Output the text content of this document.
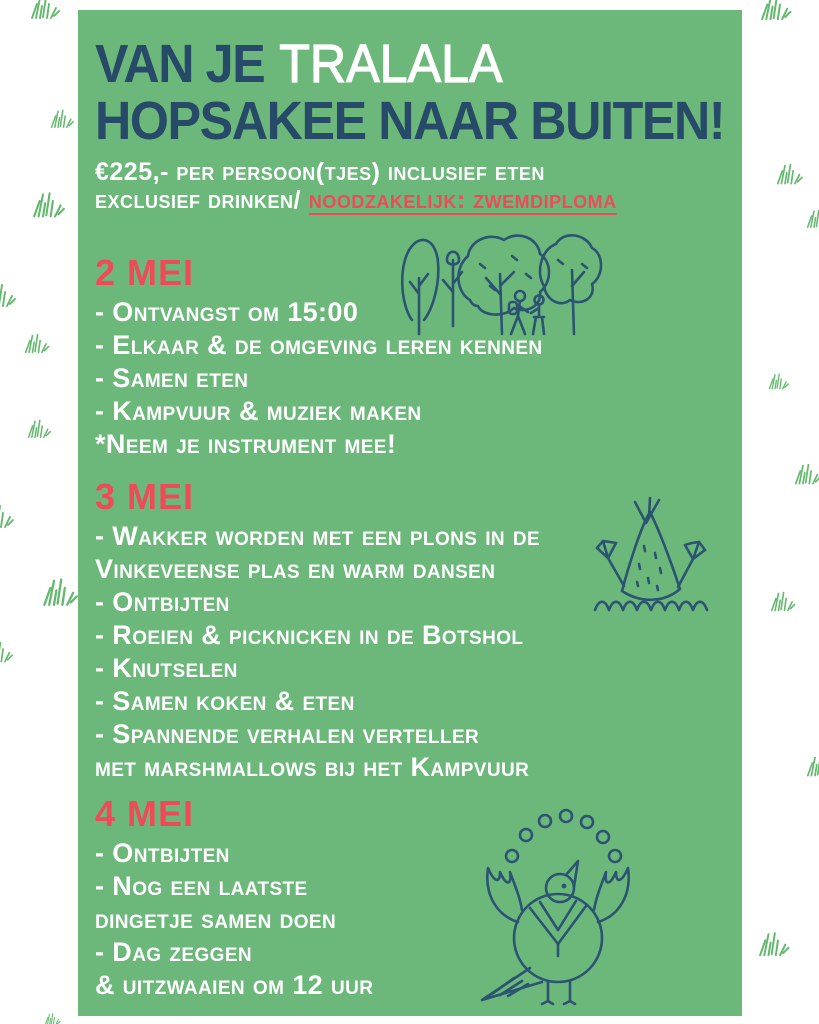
VAN JE TRALALA
HOPSAKEE NAAR BUITEN!
€225,- per persoon(tjes) inclusief eten
exclusief drinken/ noodzakelijk: zwemdiploma
2 MEI
- Ontvangst om 15:00
- Elkaar & de omgeving leren kennen
- Samen eten
- Kampvuur & muziek maken
*Neem je instrument mee!
3 MEI
- Wakker worden met een plons in de
Vinkeveense plas en warm dansen
- Ontbijten
- Roeien & picknicken in de Botshol
- Knutselen
- Samen koken & eten
- Spannende verhalen verteller
met marshmallows bij het Kampvuur
4 MEI
- Ontbijten
- Nog een laatste
dingetje samen doen
- Dag zeggen
& uitzwaaien om 12 uur
